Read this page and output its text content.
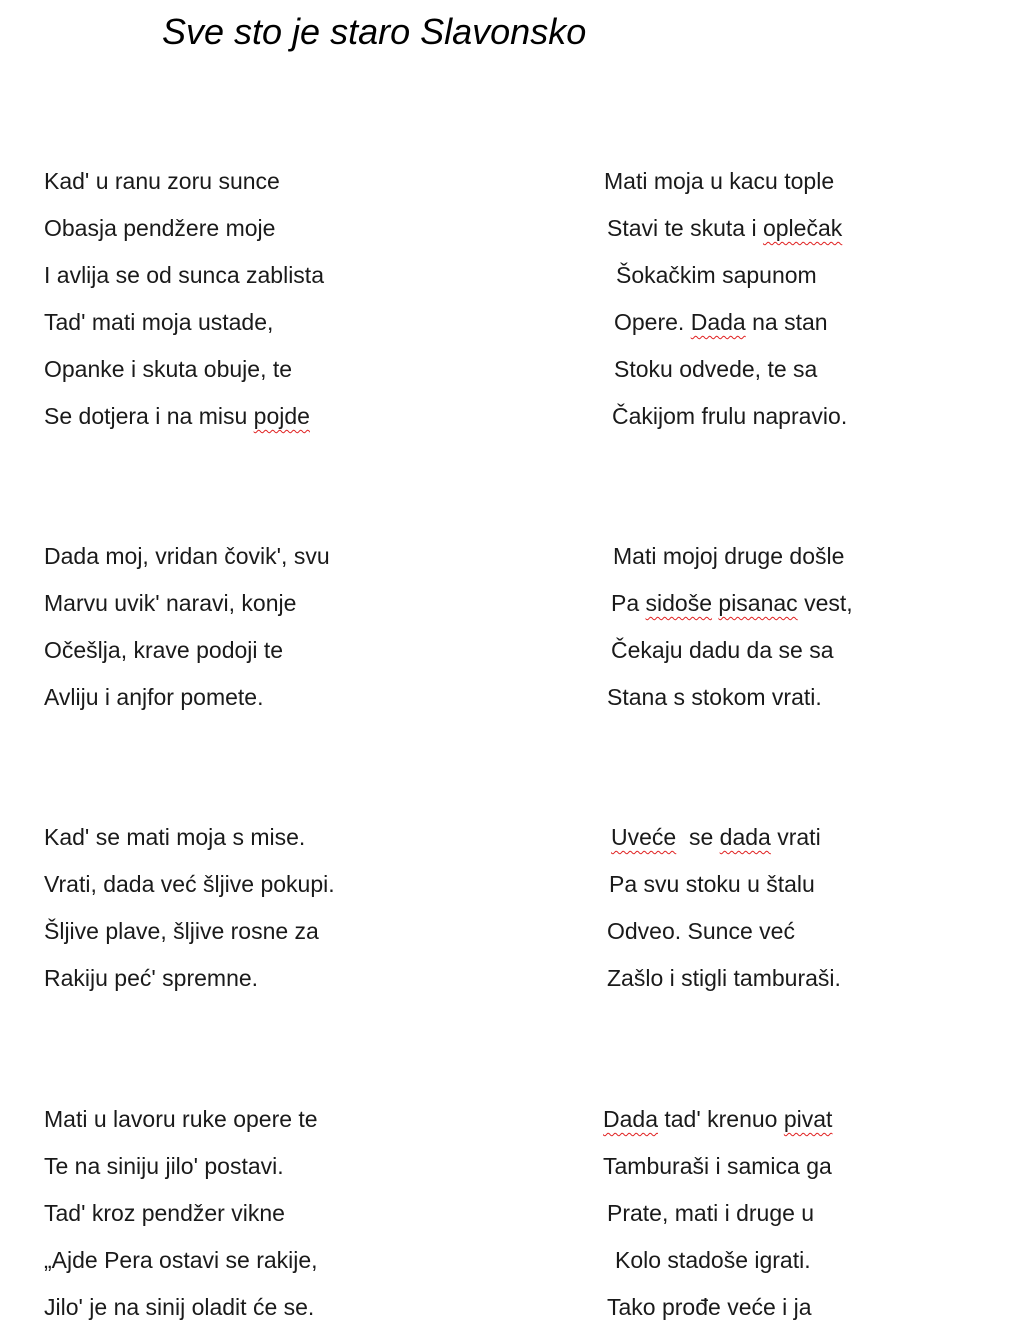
Sve sto je staro Slavonsko
Kad' u ranu zoru sunce
Obasja pendžere moje
I avlija se od sunca zablista
Tad' mati moja ustade,
Opanke i skuta obuje, te
Se dotjera i na misu pojde
Mati moja u kacu tople
Stavi te skuta i oplečak
Šokačkim sapunom
Opere. Dada na stan
Stoku odvede, te sa
Čakijom frulu napravio.
Dada moj, vridan čovik', svu
Marvu uvik' naravi, konje
Očešlja, krave podoji te
Avliju i anjfor pomete.
Mati mojoj druge došle
Pa sidoše pisanac vest,
Čekaju dadu da se sa
Stana s stokom vrati.
Kad' se mati moja s mise.
Vrati, dada već šljive pokupi.
Šljive plave, šljive rosne za
Rakiju peć' spremne.
Uveće  se dada vrati
Pa svu stoku u štalu
Odveo. Sunce već
Zašlo i stigli tamburaši.
Mati u lavoru ruke opere te
Te na siniju jilo' postavi.
Tad' kroz pendžer vikne
„Ajde Pera ostavi se rakije,
Jilo' je na sinij oladit će se.
Dada tad' krenuo pivat
Tamburaši i samica ga
Prate, mati i druge u
Kolo stadoše igrati.
Tako prođe veće i ja
